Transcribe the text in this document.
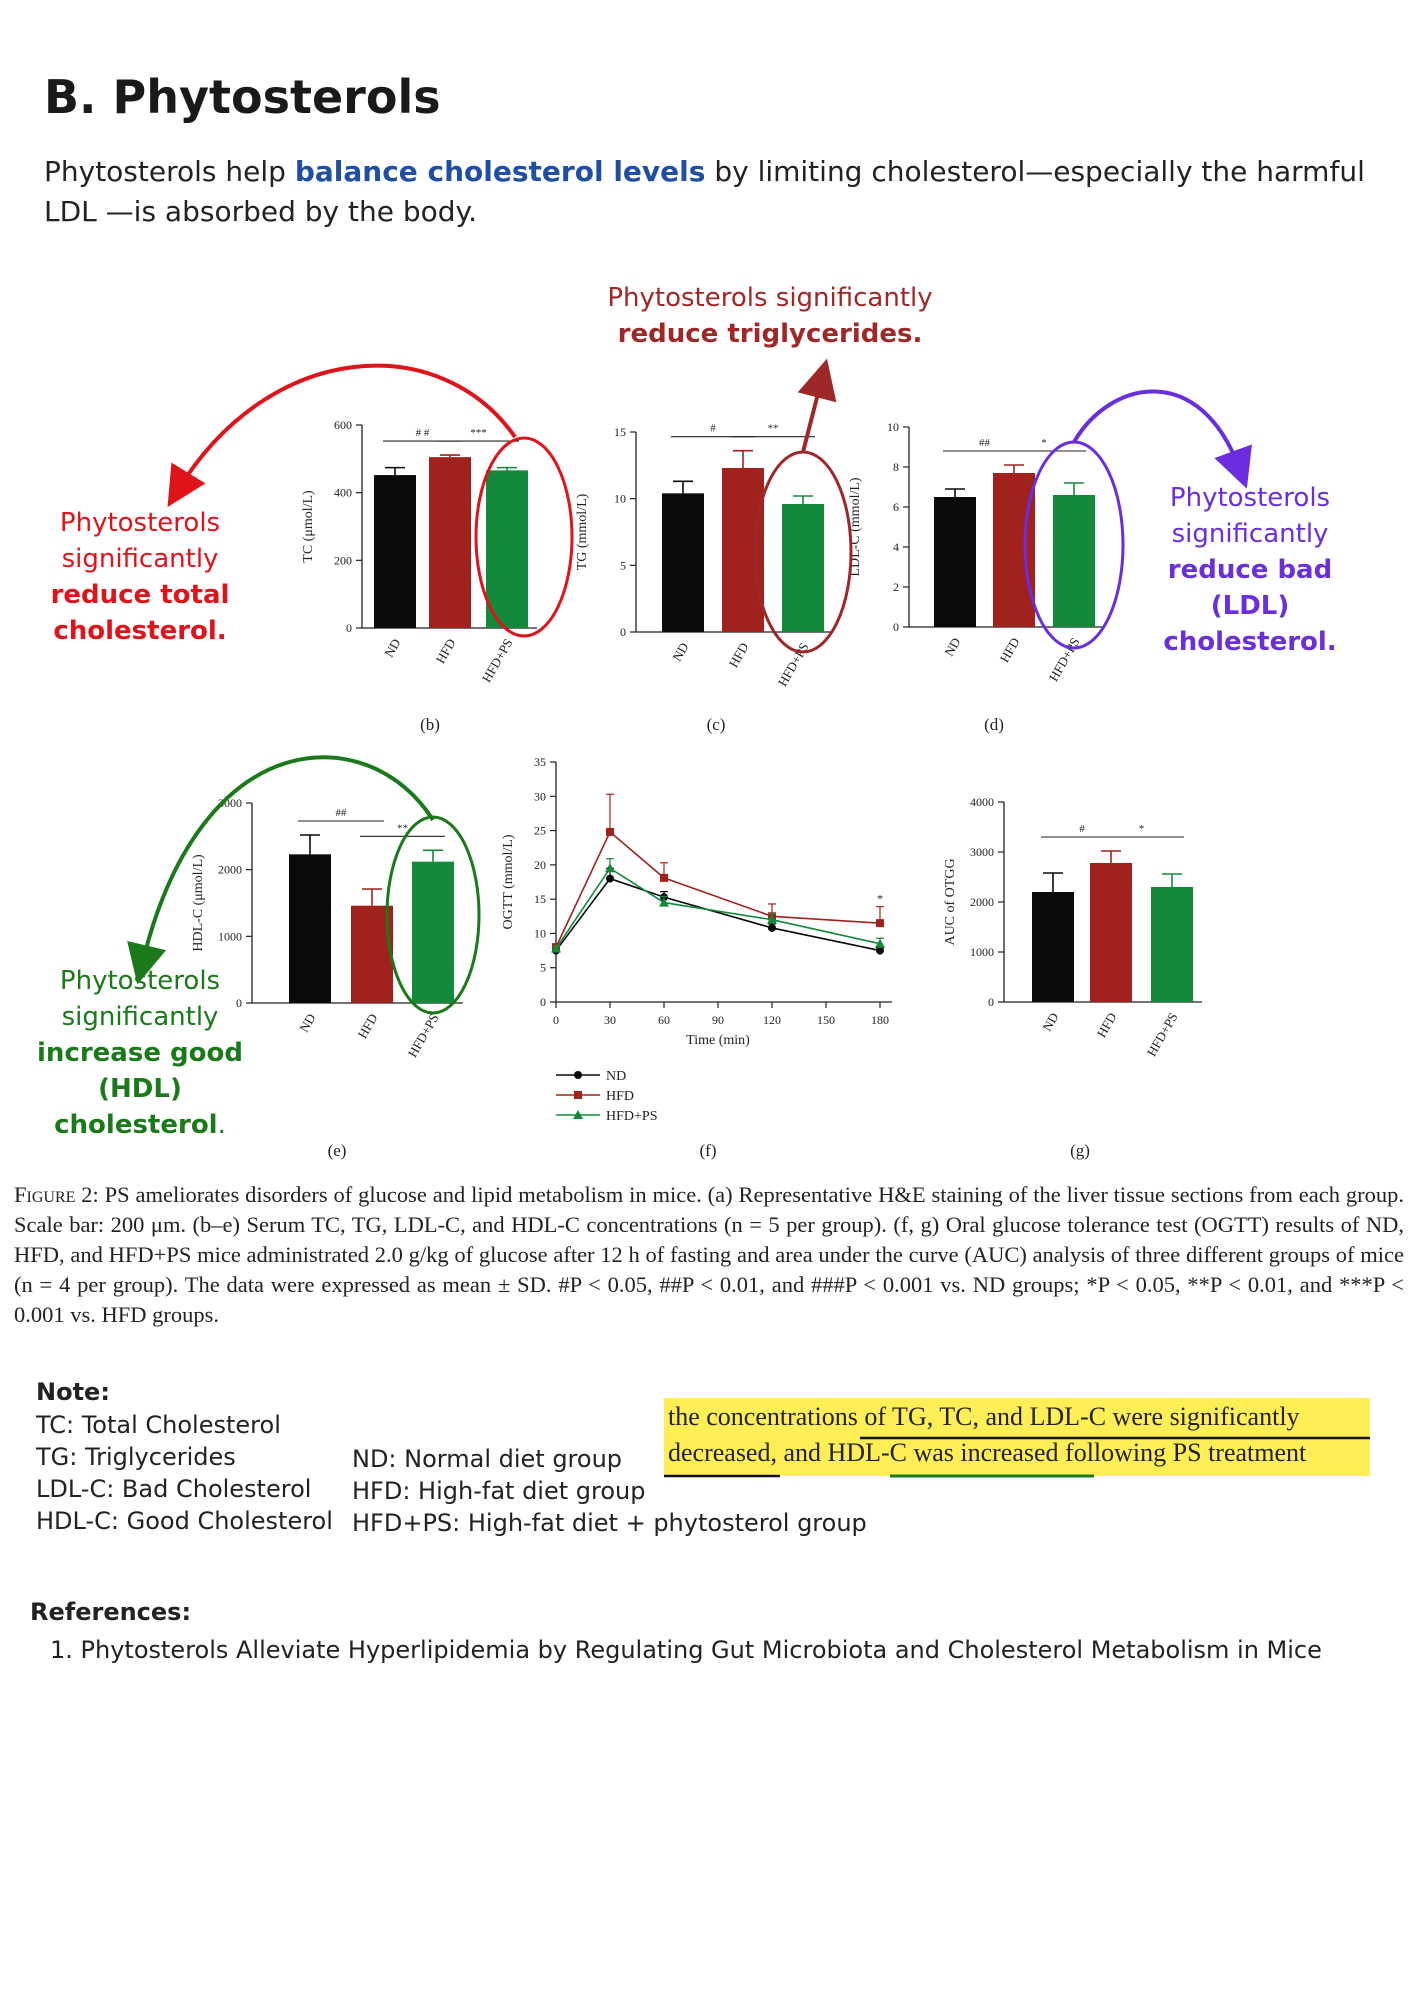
B. Phytosterols
Phytosterols help balance cholesterol levels by limiting cholesterol—especially the harmful LDL —is absorbed by the body.
0
200
400
600
TC (μmol/L)
ND HFD HFD+PS
# #	***
(b)
0
5
10
15
TG (mmol/L)
ND	HFD HFD+PS
#	**
(c)
0
2
4
6
8
10
LDL-C (mmol/L)
ND	HFD HFD+PS
##	*
(d)
0
1000
2000
3000
HDL-C (μmol/L)
ND	HFD HFD+PS
##
**
(e)
0
5
10
15
20
25
30
35
0	30	60	90	120	150	180
Time (min)
OGTT (mmol/L)	*
ND
HFD
HFD+PS
(f)
0
1000
2000
3000
4000
AUC of OTGG
ND HFD HFD+PS
#	*
(g)
Phytosterols
significantly
reduce total
cholesterol.
Phytosterols significantly
reduce triglycerides.
Phytosterols
significantly
reduce bad (LDL)
cholesterol.
Phytosterols
significantly
increase good
(HDL) cholesterol.
Figure 2: PS ameliorates disorders of glucose and lipid metabolism in mice. (a) Representative H&E staining of the liver tissue sections from each group. Scale bar: 200 μm. (b–e) Serum TC, TG, LDL-C, and HDL-C concentrations (n = 5 per group). (f, g) Oral glucose tolerance test (OGTT) results of ND, HFD, and HFD+PS mice administrated 2.0 g/kg of glucose after 12 h of fasting and area under the curve (AUC) analysis of three different groups of mice (n = 4 per group). The data were expressed as mean ± SD. #P < 0.05, ##P < 0.01, and ###P < 0.001 vs. ND groups; *P < 0.05, **P < 0.01, and ***P < 0.001 vs. HFD groups.
Note:
TC: Total Cholesterol
TG: Triglycerides
LDL-C: Bad Cholesterol
HDL-C: Good Cholesterol
ND: Normal diet group
HFD: High-fat diet group
HFD+PS: High-fat diet + phytosterol group
the concentrations of TG, TC, and LDL-C were significantly
decreased, and HDL-C was increased following PS treatment
References:
1. Phytosterols Alleviate Hyperlipidemia by Regulating Gut Microbiota and Cholesterol Metabolism in Mice
